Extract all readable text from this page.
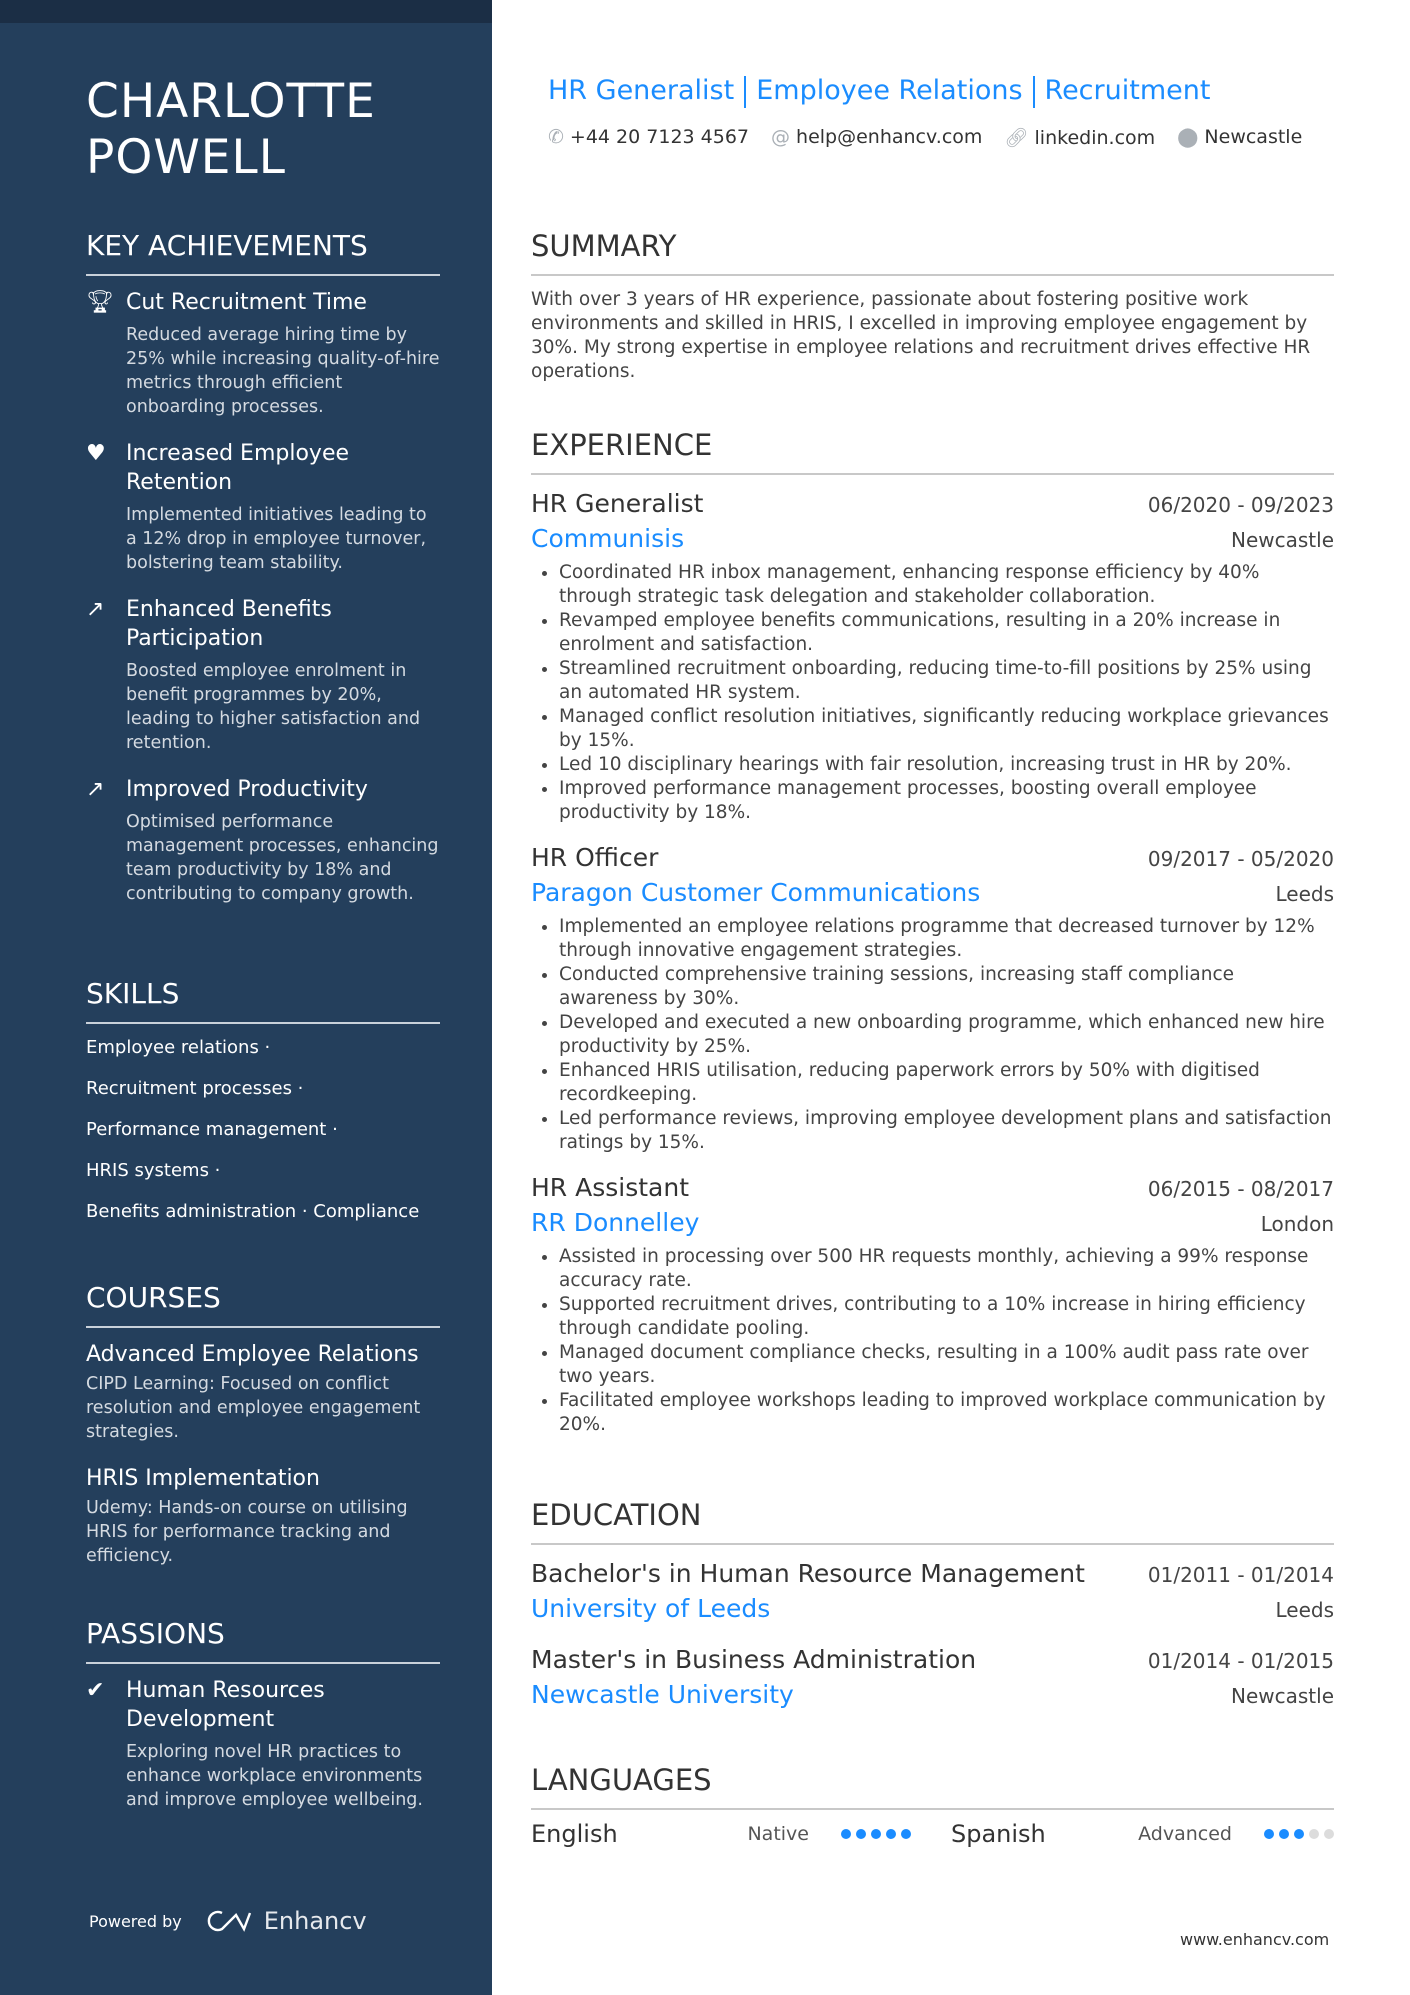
CHARLOTTE
POWELL
KEY ACHIEVEMENTS
🏆︎ Cut Recruitment Time
Reduced average hiring time by 25% while increasing quality-of-hire metrics through efficient onboarding processes.
♥ Increased Employee Retention
Implemented initiatives leading to a 12% drop in employee turnover, bolstering team stability.
↗ Enhanced Benefits Participation
Boosted employee enrolment in benefit programmes by 20%, leading to higher satisfaction and retention.
↗ Improved Productivity
Optimised performance management processes, enhancing team productivity by 18% and contributing to company growth.
SKILLS
Employee relations ·
Recruitment processes ·
Performance management ·
HRIS systems ·
Benefits administration · Compliance
COURSES
Advanced Employee Relations
CIPD Learning: Focused on conflict resolution and employee engagement strategies.
HRIS Implementation
Udemy: Hands-on course on utilising HRIS for performance tracking and efficiency.
PASSIONS
✔ Human Resources Development
Exploring novel HR practices to enhance workplace environments and improve employee wellbeing.
Powered by	Enhancv
HR Generalist Employee Relations Recruitment
✆ +44 20 7123 4567 @ help@enhancv.com 🔗︎ linkedin.com ⬤ Newcastle
SUMMARY
With over 3 years of HR experience, passionate about fostering positive work environments and skilled in HRIS, I excelled in improving employee engagement by 30%. My strong expertise in employee relations and recruitment drives effective HR operations.
EXPERIENCE
HR Generalist	06/2020 - 09/2023
Communisis	Newcastle
• Coordinated HR inbox management, enhancing response efficiency by 40% through strategic task delegation and stakeholder collaboration.
• Revamped employee benefits communications, resulting in a 20% increase in enrolment and satisfaction.
• Streamlined recruitment onboarding, reducing time-to-fill positions by 25% using an automated HR system.
• Managed conflict resolution initiatives, significantly reducing workplace grievances by 15%.
• Led 10 disciplinary hearings with fair resolution, increasing trust in HR by 20%.
• Improved performance management processes, boosting overall employee productivity by 18%.
HR Officer	09/2017 - 05/2020
Paragon Customer Communications	Leeds
• Implemented an employee relations programme that decreased turnover by 12% through innovative engagement strategies.
• Conducted comprehensive training sessions, increasing staff compliance awareness by 30%.
• Developed and executed a new onboarding programme, which enhanced new hire productivity by 25%.
• Enhanced HRIS utilisation, reducing paperwork errors by 50% with digitised recordkeeping.
• Led performance reviews, improving employee development plans and satisfaction ratings by 15%.
HR Assistant	06/2015 - 08/2017
RR Donnelley	London
• Assisted in processing over 500 HR requests monthly, achieving a 99% response accuracy rate.
• Supported recruitment drives, contributing to a 10% increase in hiring efficiency through candidate pooling.
• Managed document compliance checks, resulting in a 100% audit pass rate over two years.
• Facilitated employee workshops leading to improved workplace communication by 20%.
EDUCATION
Bachelor's in Human Resource Management	01/2011 - 01/2014
University of Leeds	Leeds
Master's in Business Administration	01/2014 - 01/2015
Newcastle University	Newcastle
LANGUAGES
English	Native	Spanish	Advanced
www.enhancv.com
